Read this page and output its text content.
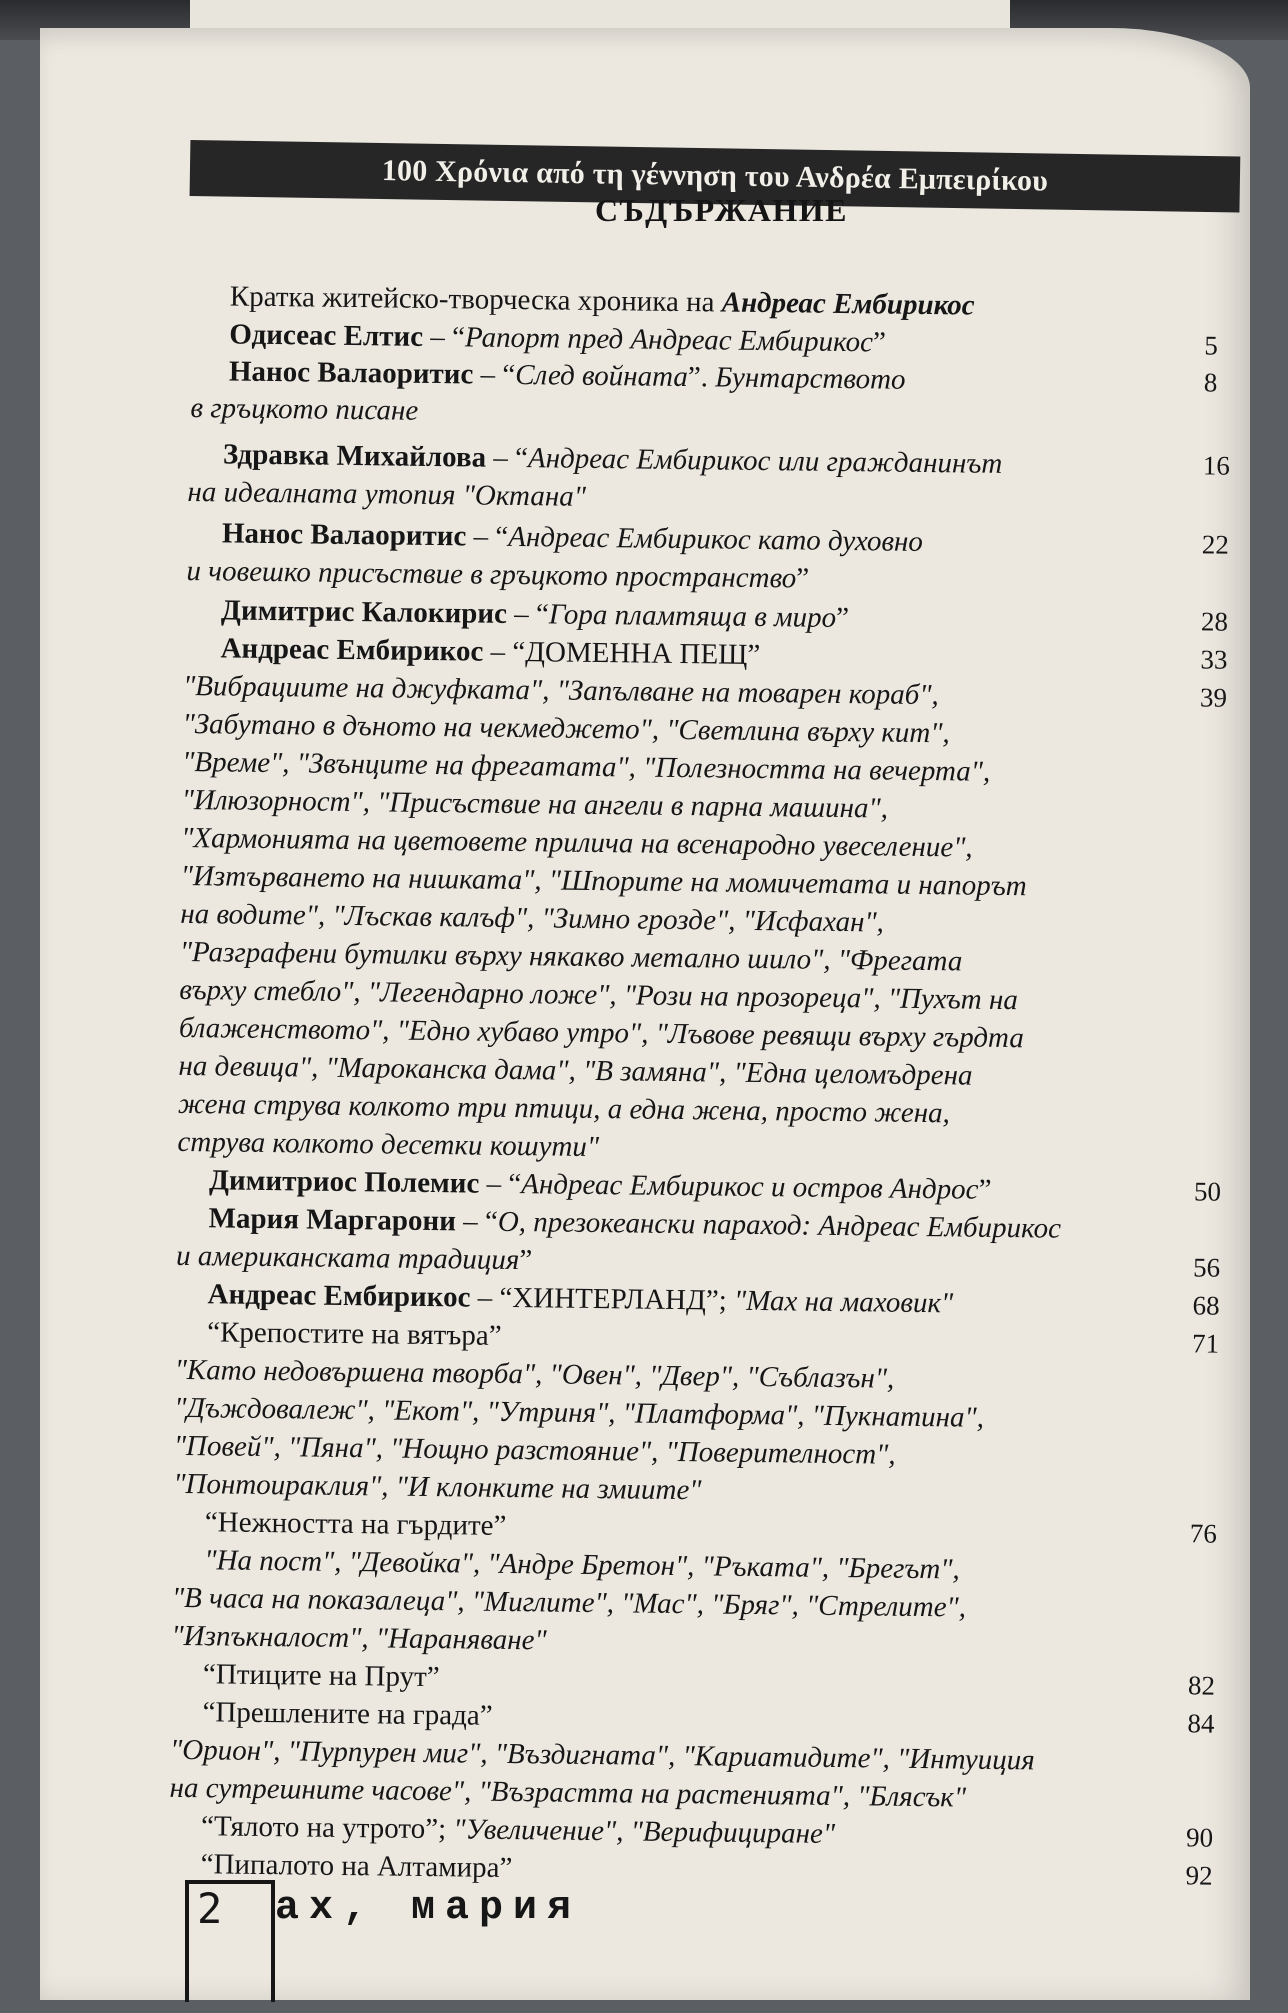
100 Χρόνια από τη γέννηση του Ανδρέα Εμπειρίκου
СЪДЪРЖАНИЕ
Кратка житейско-творческа хроника на Андреас Ембирикос
Одисеас Елтис – “Рапорт пред Андреас Ембирикос”	5
Нанос Валаоритис – “След войната”. Бунтарството	8
в гръцкото писане
Здравка Михайлова – “Андреас Ембирикос или гражданинът	16
на идеалната утопия "Октана"
Нанос Валаоритис – “Андреас Ембирикос като духовно	22
и човешко присъствие в гръцкото пространство”
Димитрис Калокирис – “Гора пламтяща в миро”	28
Андреас Ембирикос – “ДОМЕННА ПЕЩ”	33
"Вибрациите на джуфката", "Запълване на товарен кораб",	39
"Забутано в дъното на чекмеджето", "Светлина върху кит",
"Време", "Звънците на фрегатата", "Полезността на вечерта",
"Илюзорност", "Присъствие на ангели в парна машина",
"Хармонията на цветовете прилича на всенародно увеселение",
"Изтърването на нишката", "Шпорите на момичетата и напорът
на водите", "Лъскав калъф", "Зимно грозде", "Исфахан",
"Разграфени бутилки върху някакво метално шило", "Фрегата
върху стебло", "Легендарно ложе", "Рози на прозореца", "Пухът на
блаженството", "Едно хубаво утро", "Лъвове ревящи върху гърдта
на девица", "Мароканска дама", "В замяна", "Една целомъдрена
жена струва колкото три птици, а една жена, просто жена,
струва колкото десетки кошути"
Димитриос Полемис – “Андреас Ембирикос и остров Андрос”	50
Мария Маргарони – “О, презокеански параход: Андреас Ембирикос
и американската традиция”	56
Андреас Ембирикос – “ХИНТЕРЛАНД”; "Мах на маховик"	68
“Крепостите на вятъра”	71
"Като недовършена творба", "Овен", "Двер", "Съблазън",
"Дъждовалеж", "Екот", "Утриня", "Платформа", "Пукнатина",
"Повей", "Пяна", "Нощно разстояние", "Поверителност",
"Понтоираклия", "И клонките на змиите"
“Нежността на гърдите”	76
"На пост", "Девойка", "Андре Бретон", "Ръката", "Брегът",
"В часа на показалеца", "Миглите", "Мас", "Бряг", "Стрелите",
"Изпъкналост", "Нараняване"
“Птиците на Прут”	82
“Прешлените на града”	84
"Орион", "Пурпурен миг", "Въздигната", "Кариатидите", "Интуиция
на сутрешните часове", "Възрастта на растенията", "Блясък"
“Тялото на утрото”; "Увеличение", "Верифициране"	90
“Пипалото на Алтамира”	92
2 ах, мария
